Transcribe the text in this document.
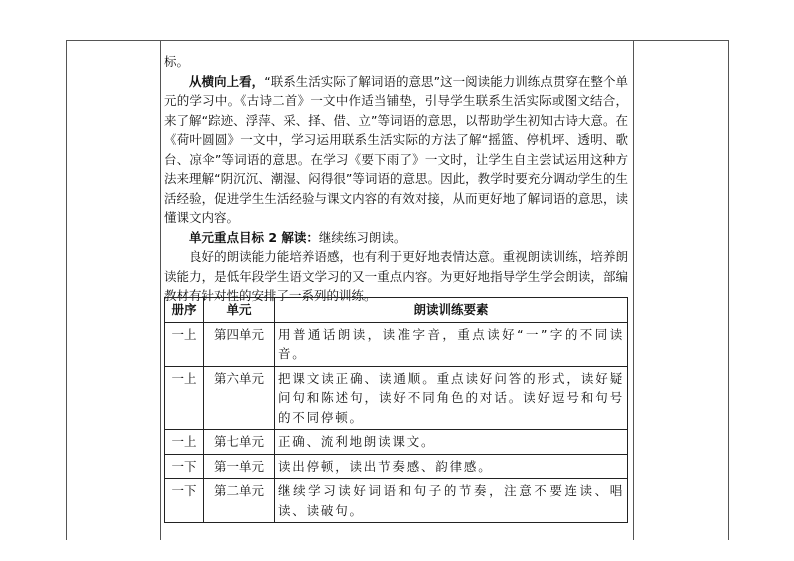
标。

从横向上看，“联系生活实际了解词语的意思”这一阅读能力训练点贯穿在整个单元的学习中。《古诗二首》一文中作适当铺垫，引导学生联系生活实际或图文结合，来了解“踪迹、浮萍、采、择、借、立”等词语的意思，以帮助学生初知古诗大意。在《荷叶圆圆》一文中，学习运用联系生活实际的方法了解“摇篮、停机坪、透明、歌台、凉伞”等词语的意思。在学习《要下雨了》一文时，让学生自主尝试运用这种方法来理解“阴沉沉、潮湿、闷得很”等词语的意思。因此，教学时要充分调动学生的生活经验，促进学生生活经验与课文内容的有效对接，从而更好地了解词语的意思，读懂课文内容。

单元重点目标 2 解读：继续练习朗读。

良好的朗读能力能培养语感，也有利于更好地表情达意。重视朗读训练，培养朗读能力，是低年段学生语文学习的又一重点内容。为更好地指导学生学会朗读，部编教材有针对性的安排了一系列的训练。

册序	单元	朗读训练要素
一上	第四单元	用普通话朗读，读准字音，重点读好“一”字的不同读音。
一上	第六单元	把课文读正确、读通顺。重点读好问答的形式，读好疑问句和陈述句，读好不同角色的对话。读好逗号和句号的不同停顿。
一上	第七单元	正确、流利地朗读课文。
一下	第一单元	读出停顿，读出节奏感、韵律感。
一下	第二单元	继续学习读好词语和句子的节奏，注意不要连读、唱读、读破句。
